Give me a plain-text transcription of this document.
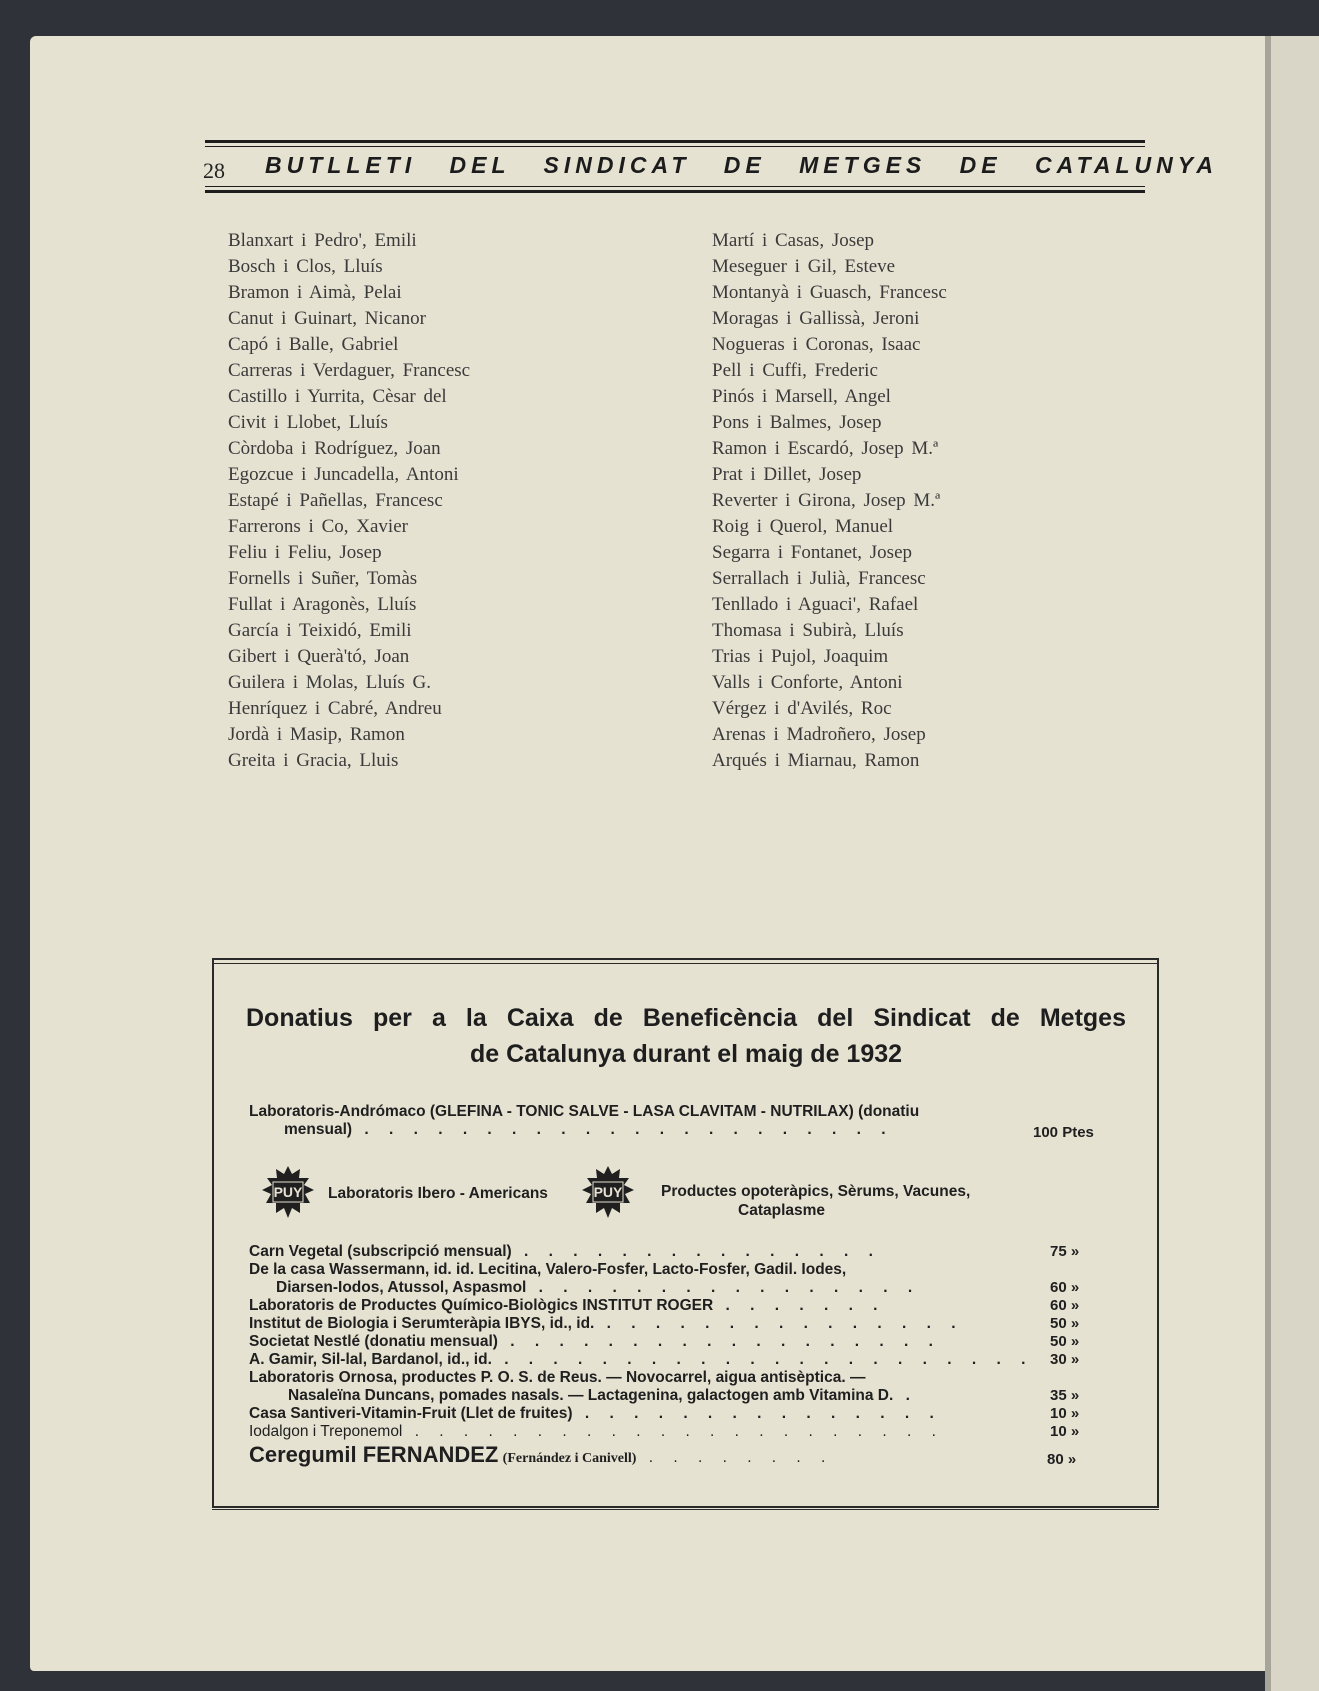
28 BUTLLETI DEL SINDICAT DE METGES DE CATALUNYA
Blanxart i Pedro', Emili
Bosch i Clos, Lluís
Bramon i Aimà, Pelai
Canut i Guinart, Nicanor
Capó i Balle, Gabriel
Carreras i Verdaguer, Francesc
Castillo i Yurrita, Cèsar del
Civit i Llobet, Lluís
Còrdoba i Rodríguez, Joan
Egozcue i Juncadella, Antoni
Estapé i Pañellas, Francesc
Farrerons i Co, Xavier
Feliu i Feliu, Josep
Fornells i Suñer, Tomàs
Fullat i Aragonès, Lluís
García i Teixidó, Emili
Gibert i Querà'tó, Joan
Guilera i Molas, Lluís G.
Henríquez i Cabré, Andreu
Jordà i Masip, Ramon
Greita i Gracia, Lluis
Martí i Casas, Josep
Meseguer i Gil, Esteve
Montanyà i Guasch, Francesc
Moragas i Gallissà, Jeroni
Nogueras i Coronas, Isaac
Pell i Cuffi, Frederic
Pinós i Marsell, Angel
Pons i Balmes, Josep
Ramon i Escardó, Josep M.ª
Prat i Dillet, Josep
Reverter i Girona, Josep M.ª
Roig i Querol, Manuel
Segarra i Fontanet, Josep
Serrallach i Julià, Francesc
Tenllado i Aguaci', Rafael
Thomasa i Subirà, Lluís
Trias i Pujol, Joaquim
Valls i Conforte, Antoni
Vérgez i d'Avilés, Roc
Arenas i Madroñero, Josep
Arqués i Miarnau, Ramon
Donatius per a la Caixa de Beneficència del Sindicat de Metges
de Catalunya durant el maig de 1932
Laboratoris-Andrómaco (GLEFINA - TONIC SALVE - LASA CLAVITAM - NUTRILAX) (donatiu
mensual) . . . . . . . . . . . . . . . . . . . . . .	100 Ptes
PUY Laboratoris Ibero - Americans	PUY Productes opoteràpics, Sèrums, Vacunes,
Cataplasme
Carn Vegetal (subscripció mensual) . . . . . . . . . . . . . . .	75 »
De la casa Wassermann, id. id. Lecitina, Valero-Fosfer, Lacto-Fosfer, Gadil. Iodes,
Diarsen-Iodos, Atussol, Aspasmol . . . . . . . . . . . . . . . .	60 »
Laboratoris de Productes Químico-Biològics INSTITUT ROGER . . . . . . .	60 »
Institut de Biologia i Serumteràpia IBYS, id., id. . . . . . . . . . . . . . . .	50 »
Societat Nestlé (donatiu mensual) . . . . . . . . . . . . . . . . . .	50 »
A. Gamir, Sil-lal, Bardanol, id., id. . . . . . . . . . . . . . . . . . . . . . . 30 »
Laboratoris Ornosa, productes P. O. S. de Reus. — Novocarrel, aigua antisèptica. —
Nasaleïna Duncans, pomades nasals. — Lactagenina, galactogen amb Vitamina D. .	35 »
Casa Santiveri-Vitamin-Fruit (Llet de fruites) . . . . . . . . . . . . . . .	10 »
Iodalgon i Treponemol . . . . . . . . . . . . . . . . . . . . . .	10 »
Ceregumil FERNANDEZ (Fernández i Canivell) . . . . . . . .	80 »
